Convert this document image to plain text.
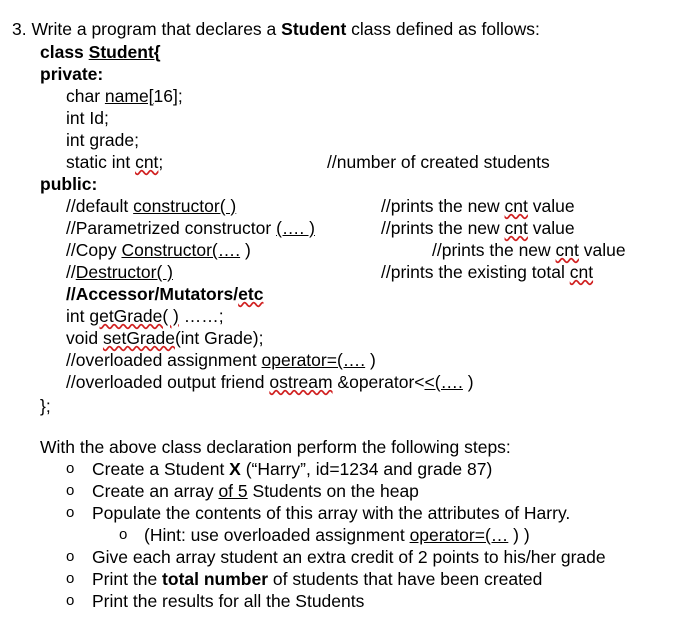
3. Write a program that declares a Student class defined as follows:
class Student{
private:
char name[16];
int Id;
int grade;
static int cnt;	//number of created students
public:
//default constructor( )	//prints the new cnt value
//Parametrized constructor (…. )	//prints the new cnt value
//Copy Constructor(…. )	//prints the new cnt value
//Destructor( )	//prints the existing total cnt
//Accessor/Mutators/etc
int getGrade( ) ……;
void setGrade(int Grade);
//overloaded assignment operator=(…. )
//overloaded output friend ostream &operator<<(…. )
};
With the above class declaration perform the following steps:
o Create a Student X (“Harry”, id=1234 and grade 87)
o Create an array of 5 Students on the heap
o Populate the contents of this array with the attributes of Harry.
o (Hint: use overloaded assignment operator=(… ) )
o Give each array student an extra credit of 2 points to his/her grade
o Print the total number of students that have been created
o Print the results for all the Students
